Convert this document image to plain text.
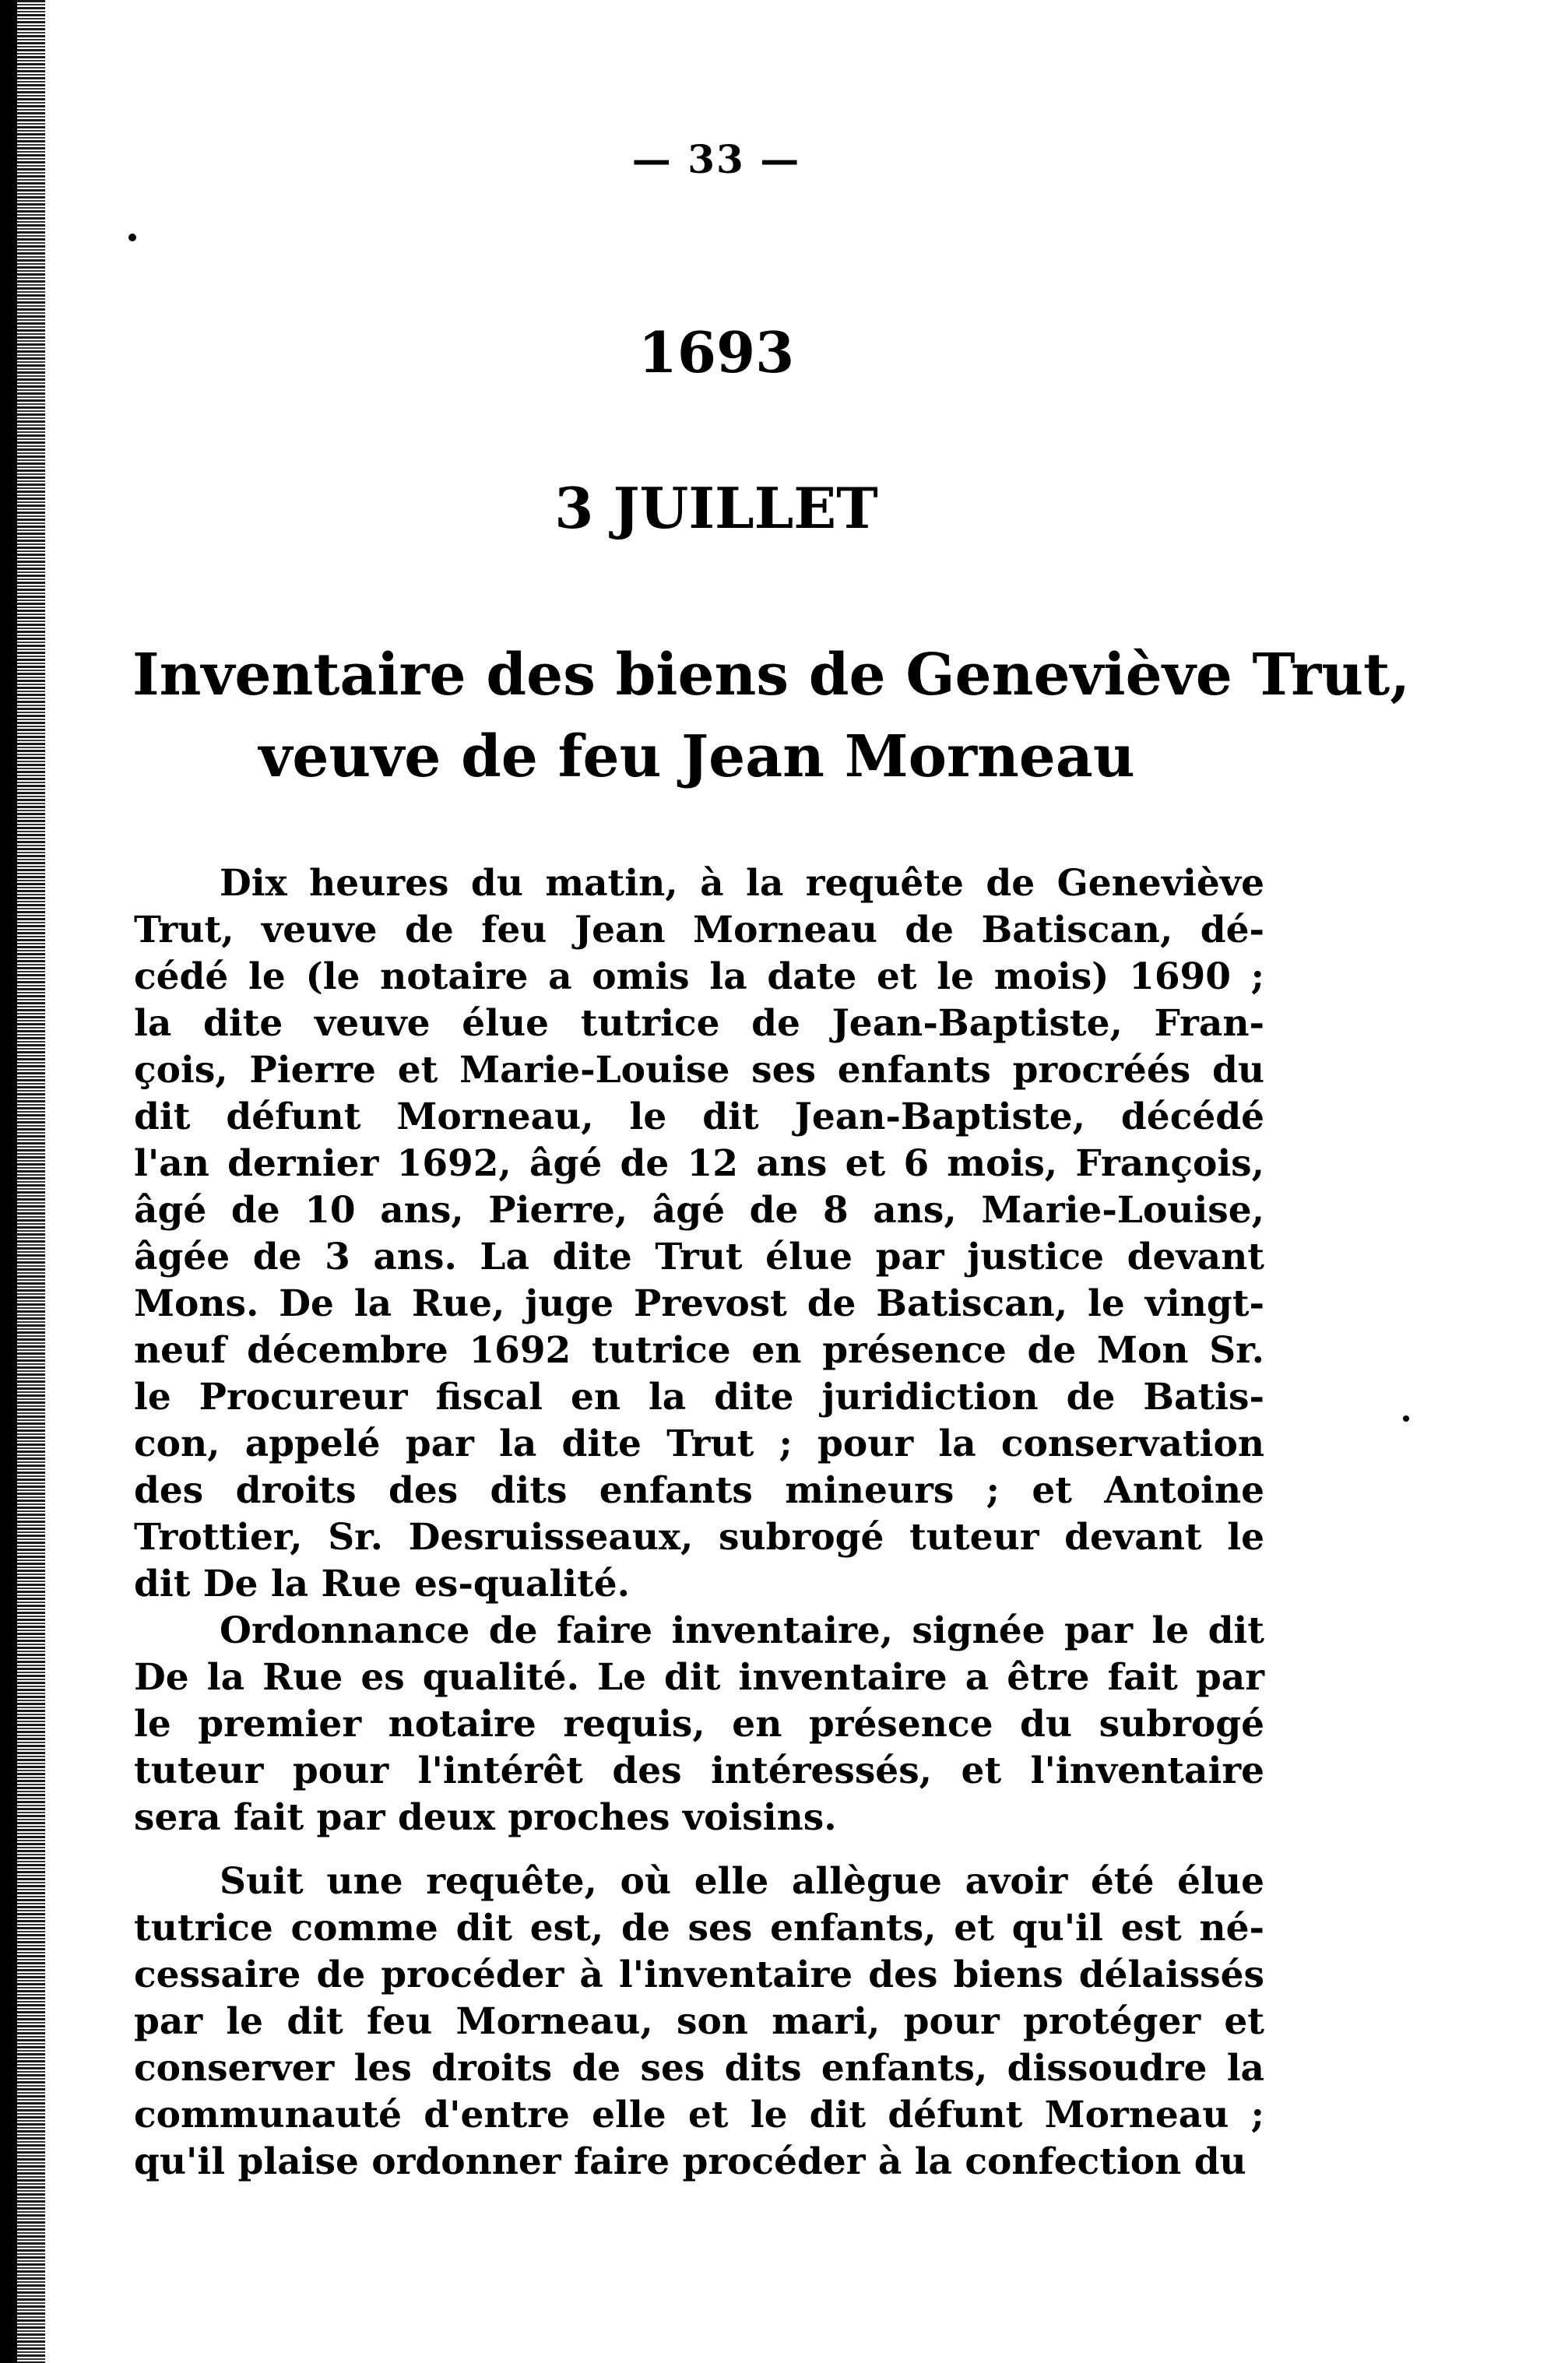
— 33 —
1693
3 JUILLET
Inventaire des biens de Geneviève Trut,
veuve de feu Jean Morneau
Dix heures du matin, à la requête de Geneviève
Trut, veuve de feu Jean Morneau de Batiscan, dé-
cédé le (le notaire a omis la date et le mois) 1690 ;
la dite veuve élue tutrice de Jean-Baptiste, Fran-
çois, Pierre et Marie-Louise ses enfants procréés du
dit défunt Morneau, le dit Jean-Baptiste, décédé
l'an dernier 1692, âgé de 12 ans et 6 mois, François,
âgé de 10 ans, Pierre, âgé de 8 ans, Marie-Louise,
âgée de 3 ans. La dite Trut élue par justice devant
Mons. De la Rue, juge Prevost de Batiscan, le vingt-
neuf décembre 1692 tutrice en présence de Mon Sr.
le Procureur fiscal en la dite juridiction de Batis-
con, appelé par la dite Trut ; pour la conservation
des droits des dits enfants mineurs ; et Antoine
Trottier, Sr. Desruisseaux, subrogé tuteur devant le
dit De la Rue es-qualité.
Ordonnance de faire inventaire, signée par le dit
De la Rue es qualité. Le dit inventaire a être fait par
le premier notaire requis, en présence du subrogé
tuteur pour l'intérêt des intéressés, et l'inventaire
sera fait par deux proches voisins.
Suit une requête, où elle allègue avoir été élue
tutrice comme dit est, de ses enfants, et qu'il est né-
cessaire de procéder à l'inventaire des biens délaissés
par le dit feu Morneau, son mari, pour protéger et
conserver les droits de ses dits enfants, dissoudre la
communauté d'entre elle et le dit défunt Morneau ;
qu'il plaise ordonner faire procéder à la confection du
